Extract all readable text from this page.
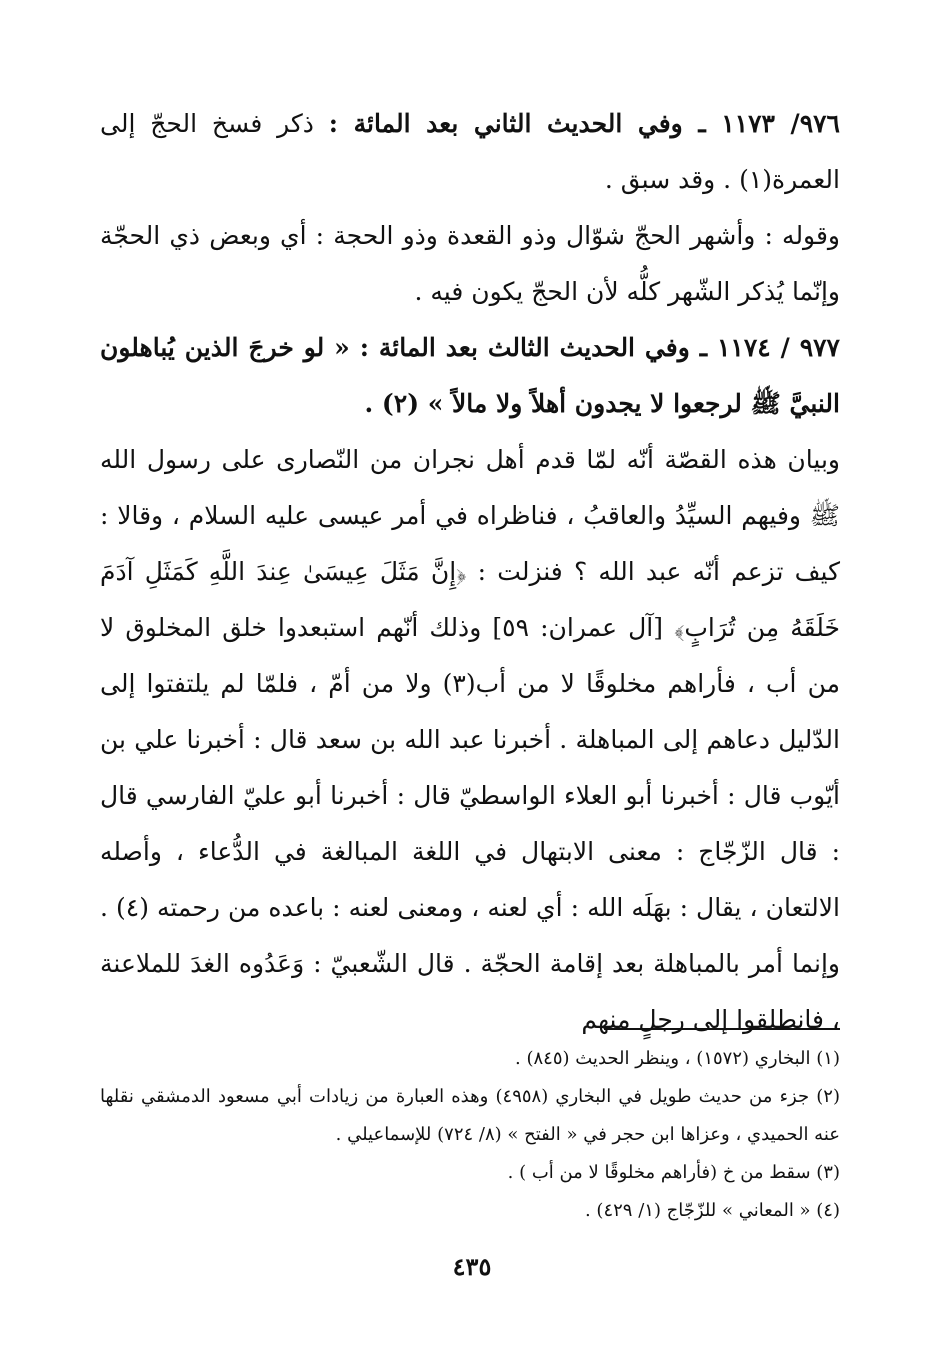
٩٧٦/ ١١٧٣ ـ وفي الحديث الثاني بعد المائة : ذكر فسخ الحجّ إلى العمرة(١) . وقد سبق .

وقوله : وأشهر الحجّ شوّال وذو القعدة وذو الحجة : أي وبعض ذي الحجّة وإنّما يُذكر الشّهر كلُّه لأن الحجّ يكون فيه .

٩٧٧ / ١١٧٤ ـ وفي الحديث الثالث بعد المائة : « لو خرجَ الذين يُباهلون النبيَّ ﷺ لرجعوا لا يجدون أهلاً ولا مالاً » (٢) .

وبيان هذه القصّة أنّه لمّا قدم أهل نجران من النّصارى على رسول الله ﷺ وفيهم السيِّدُ والعاقبُ ، فناظراه في أمر عيسى عليه السلام ، وقالا : كيف تزعم أنّه عبد الله ؟ فنزلت : ﴿إِنَّ مَثَلَ عِيسَىٰ عِندَ اللَّهِ كَمَثَلِ آدَمَ خَلَقَهُ مِن تُرَابٍ﴾ [آل عمران: ٥٩] وذلك أنّهم استبعدوا خلق المخلوق لا من أب ، فأراهم مخلوقًا لا من أب(٣) ولا من أمّ ، فلمّا لم يلتفتوا إلى الدّليل دعاهم إلى المباهلة . أخبرنا عبد الله بن سعد قال : أخبرنا علي بن أيّوب قال : أخبرنا أبو العلاء الواسطيّ قال : أخبرنا أبو عليّ الفارسي قال : قال الزّجّاج : معنى الابتهال في اللغة المبالغة في الدُّعاء ، وأصله الالتعان ، يقال : بهَلَه الله : أي لعنه ، ومعنى لعنه : باعده من رحمته (٤) . وإنما أمر بالمباهلة بعد إقامة الحجّة . قال الشّعبيّ : وَعَدُوه الغدَ للملاعنة ، فانطلقوا إلى رجلٍ منهم

(١) البخاري (١٥٧٢) ، وينظر الحديث (٨٤٥) .

(٢) جزء من حديث طويل في البخاري (٤٩٥٨) وهذه العبارة من زيادات أبي مسعود الدمشقي نقلها عنه الحميدي ، وعزاها ابن حجر في « الفتح » (٨/ ٧٢٤) للإسماعيلي .

(٣) سقط من خ (فأراهم مخلوقًا لا من أب ) .

(٤) « المعاني » للزّجّاج (١/ ٤٢٩) .

٤٣٥
